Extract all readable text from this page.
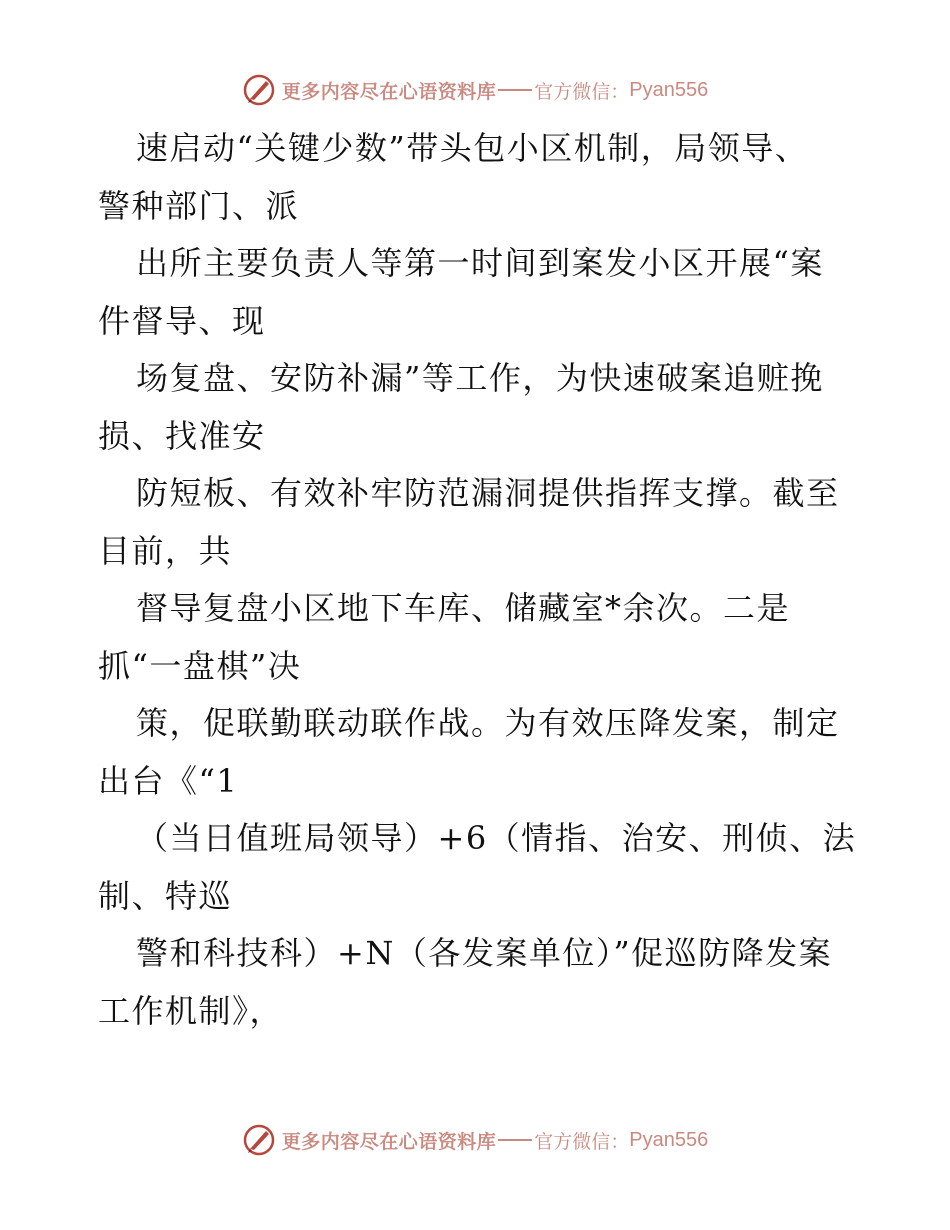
更多内容尽在心语资料库 官方微信： Pyan556
速启动“关键少数”带头包小区机制，局领导、
警种部门、派
出所主要负责人等第一时间到案发小区开展“案
件督导、现
场复盘、安防补漏”等工作，为快速破案追赃挽
损、找准安
防短板、有效补牢防范漏洞提供指挥支撑。截至
目前，共
督导复盘小区地下车库、储藏室*余次。二是
抓“一盘棋”决
策，促联勤联动联作战。为有效压降发案，制定
出台《“1
（当日值班局领导）+6（情指、治安、刑侦、法
制、特巡
警和科技科）+N（各发案单位）”促巡防降发案
工作机制》，
更多内容尽在心语资料库 官方微信： Pyan556
